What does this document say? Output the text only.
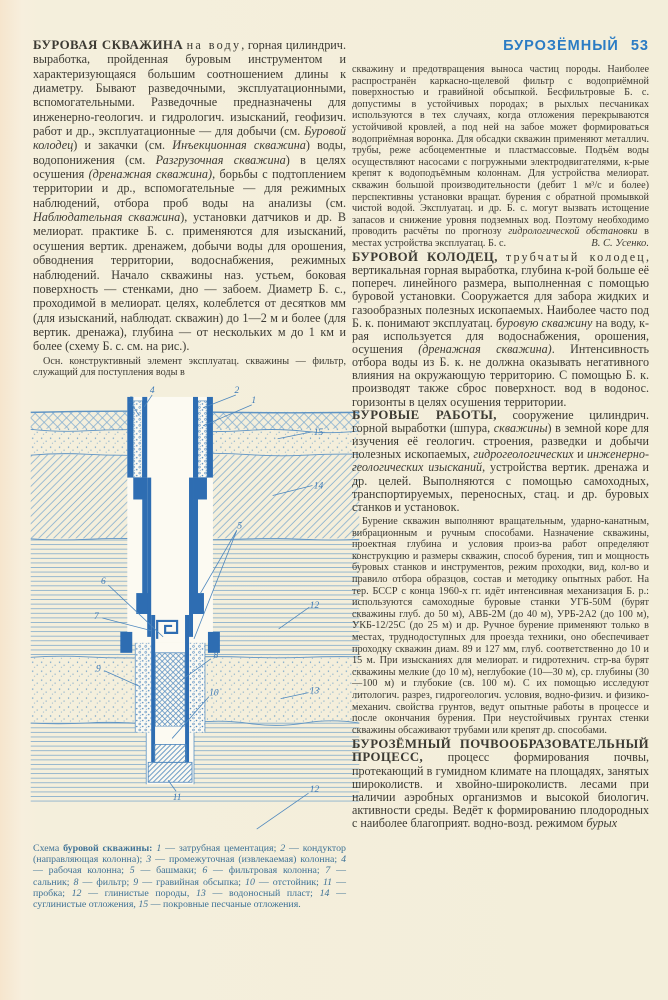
БУРОЗЁМНЫЙ 53

БУРОВАЯ СКВАЖИНА на воду, горная цилиндрич. выработка, пройденная буровым инструментом и характеризующаяся большим соотношением длины к диаметру. Бывают разведочными, эксплуатационными, вспомогательными. Разведочные предназначены для инженерно-геологич. и гидрологич. изысканий, геофизич. работ и др., эксплуатационные — для добычи (см. Буровой колодец) и закачки (см. Инъекционная скважина) воды, водопонижения (см. Разгрузочная скважина) в целях осушения (дренажная скважина), борьбы с подтоплением территории и др., вспомогательные — для режимных наблюдений, отбора проб воды на анализы (см. Наблюдательная скважина), установки датчиков и др. В мелиорат. практике Б. с. применяются для изысканий, осушения вертик. дренажем, добычи воды для орошения, обводнения территории, водоснабжения, режимных наблюдений. Начало скважины наз. устьем, боковая поверхность — стенками, дно — забоем. Диаметр Б. с., проходимой в мелиорат. целях, колеблется от десятков мм (для изысканий, наблюдат. скважин) до 1—2 м и более (для вертик. дренажа), глубина — от нескольких м до 1 км и более (схему Б. с. см. на рис.).

Осн. конструктивный элемент эксплуатац. скважины — фильтр, служащий для поступления воды в

4
3
2
1
15
14
5
12
6
7
8
9
10	13
12
11

Схема буровой скважины: 1 — затрубная цементация; 2 — кондуктор (направляющая колонна); 3 — промежуточная (извлекаемая) колонна; 4 — рабочая колонна; 5 — башмаки; 6 — фильтровая колонна; 7 — сальник; 8 — фильтр; 9 — гравийная обсыпка; 10 — отстойник; 11 — пробка; 12 — глинистые породы, 13 — водоносный пласт; 14 — суглинистые отложения, 15 — покровные песчаные отложения.

скважину и предотвращения выноса частиц породы. Наиболее распространён каркасно-щелевой фильтр с водоприёмной поверхностью и гравийной обсыпкой. Бесфильтровые Б. с. допустимы в устойчивых породах; в рыхлых песчаниках используются в тех случаях, когда отложения перекрываются устойчивой кровлей, а под ней на забое может формироваться водоприёмная воронка. Для обсадки скважин применяют металлич. трубы, реже асбоцементные и пластмассовые. Подъём воды осуществляют насосами с погружными электродвигателями, к-рые крепят к водоподъёмным колоннам. Для устройства мелиорат. скважин большой производительности (дебит 1 м³/с и более) перспективны установки вращат. бурения с обратной промывкой чистой водой. Эксплуатац. и др. Б. с. могут вызвать истощение запасов и снижение уровня подземных вод. Поэтому необходимо проводить расчёты по прогнозу гидрологической обстановки в местах устройства эксплуатац. Б. с.	В. С. Усенко.

БУРОВОЙ КОЛОДЕЦ, трубчатый колодец, вертикальная горная выработка, глубина к-рой больше её попереч. линейного размера, выполненная с помощью буровой установки. Сооружается для забора жидких и газообразных полезных ископаемых. Наиболее часто под Б. к. понимают эксплуатац. буровую скважину на воду, к-рая используется для водоснабжения, орошения, осушения (дренажная скважина). Интенсивность отбора воды из Б. к. не должна оказывать негативного влияния на окружающую территорию. С помощью Б. к. производят также сброс поверхност. вод в водонос. горизонты в целях осушения территории.

БУРОВЫЕ РАБОТЫ, сооружение цилиндрич. горной выработки (шпура, скважины) в земной коре для изучения её геологич. строения, разведки и добычи полезных ископаемых, гидрогеологических и инженерно-геологических изысканий, устройства вертик. дренажа и др. целей. Выполняются с помощью самоходных, транспортируемых, переносных, стац. и др. буровых станков и установок.

Бурение скважин выполняют вращательным, ударно-канатным, вибрационным и ручным способами. Назначение скважины, проектная глубина и условия произ-ва работ определяют конструкцию и размеры скважин, способ бурения, тип и мощность буровых станков и инструментов, режим проходки, вид, кол-во и правило отбора образцов, состав и методику опытных работ. На тер. БССР с конца 1960-х гг. идёт интенсивная механизация Б. р.: используются самоходные буровые станки УГБ-50М (бурят скважины глуб. до 50 м), АВБ-2М (до 40 м), УРБ-2А2 (до 100 м), УКБ-12/25С (до 25 м) и др. Ручное бурение применяют только в местах, труднодоступных для проезда техники, оно обеспечивает проходку скважин диам. 89 и 127 мм, глуб. соответственно до 10 и 15 м. При изысканиях для мелиорат. и гидротехнич. стр-ва бурят скважины мелкие (до 10 м), неглубокие (10—30 м), ср. глубины (30—100 м) и глубокие (св. 100 м). С их помощью исследуют литологич. разрез, гидрогеологич. условия, водно-физич. и физико-механич. свойства грунтов, ведут опытные работы в процессе и после окончания бурения. При неустойчивых грунтах стенки скважины обсаживают трубами или крепят др. способами.

БУРОЗЁМНЫЙ ПОЧВООБРАЗОВАТЕЛЬНЫЙ ПРОЦЕСС, процесс формирования почвы, протекающий в гумидном климате на площадях, занятых широколиств. и хвойно-широколиств. лесами при наличии аэробных организмов и высокой биологич. активности среды. Ведёт к формированию плодородных с наиболее благоприят. водно-возд. режимом бурых
